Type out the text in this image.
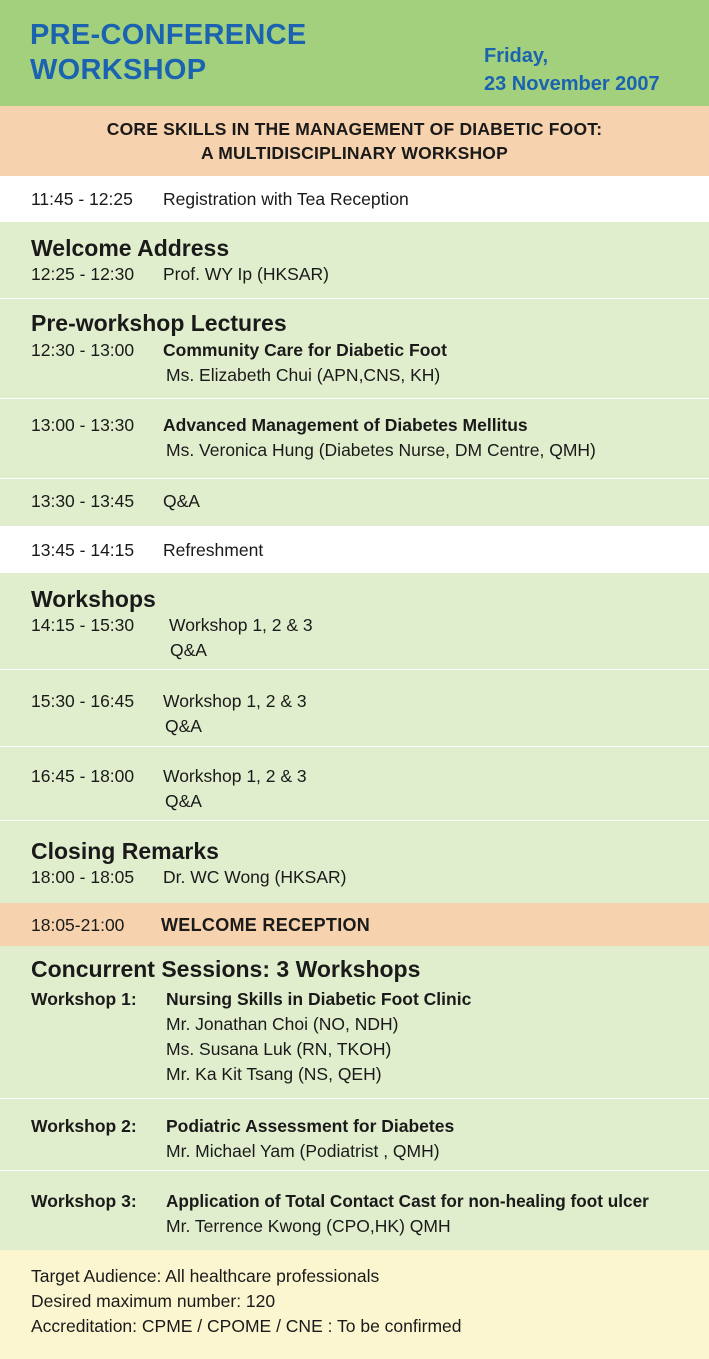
PRE-CONFERENCE
WORKSHOP	Friday,
23 November 2007
CORE SKILLS IN THE MANAGEMENT OF DIABETIC FOOT:
A MULTIDISCIPLINARY WORKSHOP
11:45 - 12:25 Registration with Tea Reception
Welcome Address
12:25 - 12:30 Prof. WY Ip (HKSAR)
Pre-workshop Lectures
12:30 - 13:00 Community Care for Diabetic Foot
Ms. Elizabeth Chui (APN,CNS, KH)
13:00 - 13:30 Advanced Management of Diabetes Mellitus
Ms. Veronica Hung (Diabetes Nurse, DM Centre, QMH)
13:30 - 13:45 Q&A
13:45 - 14:15 Refreshment
Workshops
14:15 - 15:30 Workshop 1, 2 & 3
Q&A
15:30 - 16:45 Workshop 1, 2 & 3
Q&A
16:45 - 18:00 Workshop 1, 2 & 3
Q&A
Closing Remarks
18:00 - 18:05 Dr. WC Wong (HKSAR)
18:05-21:00 WELCOME RECEPTION
Concurrent Sessions: 3 Workshops
Workshop 1: Nursing Skills in Diabetic Foot Clinic
Mr. Jonathan Choi (NO, NDH)
Ms. Susana Luk (RN, TKOH)
Mr. Ka Kit Tsang (NS, QEH)
Workshop 2: Podiatric Assessment for Diabetes
Mr. Michael Yam (Podiatrist , QMH)
Workshop 3: Application of Total Contact Cast for non-healing foot ulcer
Mr. Terrence Kwong (CPO,HK) QMH
Target Audience: All healthcare professionals
Desired maximum number: 120
Accreditation: CPME / CPOME / CNE : To be confirmed
